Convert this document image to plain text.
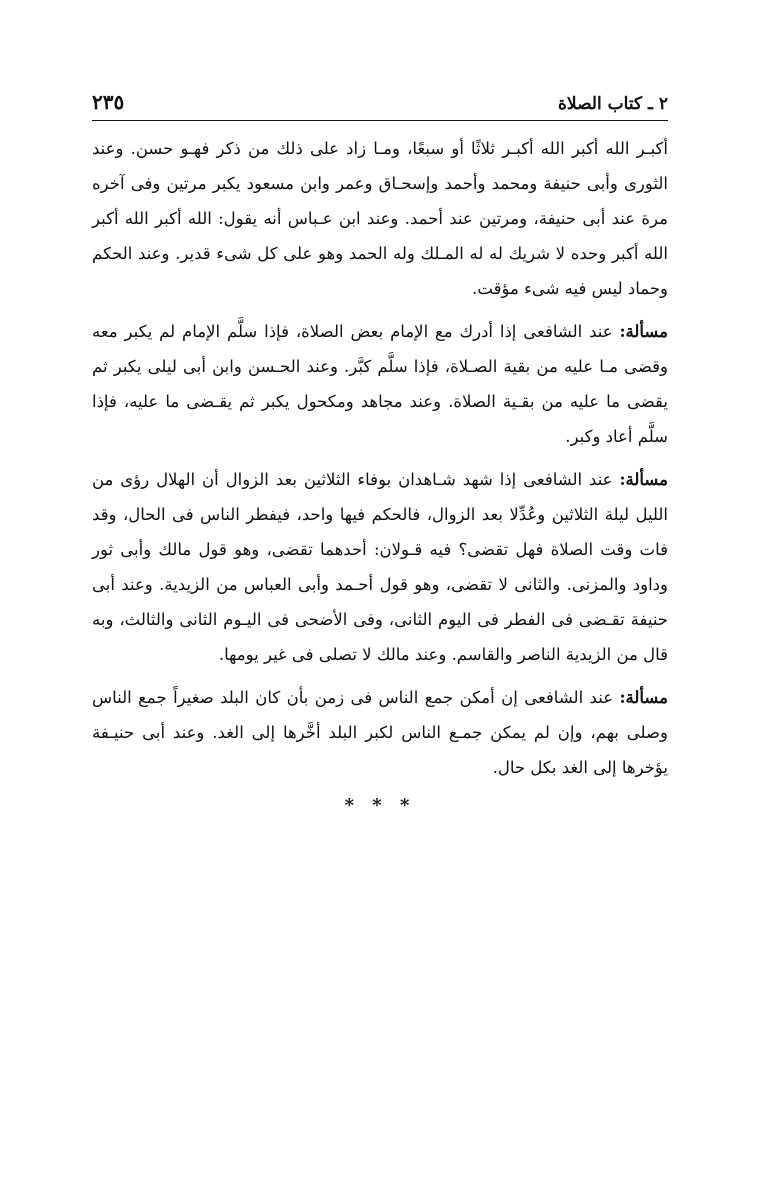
٢ ـ كتاب الصلاة
٢٣٥

أكبـر الله أكبر الله أكبـر ثلاثًا أو سبعًا، ومـا زاد على ذلك من ذكر فهـو حسن. وعند الثورى وأبى حنيفة ومحمد وأحمد وإسحـاق وعمر وابن مسعود يكبر مرتين وفى آخره مرة عند أبى حنيفة، ومرتين عند أحمد. وعند ابن عـباس أنه يقول: الله أكبر الله أكبر الله أكبر وحده لا شريك له له المـلك وله الحمد وهو على كل شىء قدير. وعند الحكم وحماد ليس فيه شىء مؤقت.

مسألة: عند الشافعى إذا أدرك مع الإمام بعض الصلاة، فإذا سلَّم الإمام لم يكبر معه وقضى مـا عليه من بقية الصـلاة، فإذا سلَّم كبَّر. وعند الحـسن وابن أبى ليلى يكبر ثم يقضى ما عليه من بقـية الصلاة. وعند مجاهد ومكحول يكبر ثم يقـضى ما عليه، فإذا سلَّم أعاد وكبر.

مسألة: عند الشافعى إذا شهد شـاهدان بوفاء الثلاثين بعد الزوال أن الهلال رؤى من الليل ليلة الثلاثين وعُدِّلا بعد الزوال، فالحكم فيها واحد، فيفطر الناس فى الحال، وقد فات وقت الصلاة فهل تقضى؟ فيه قـولان: أحدهما تقضى، وهو قول مالك وأبى ثور وداود والمزنى. والثانى لا تقضى، وهو قول أحـمد وأبى العباس من الزيدية. وعند أبى حنيفة تقـضى فى الفطر فى اليوم الثانى، وفى الأضحى فى اليـوم الثانى والثالث، وبه قال من الزيدية الناصر والقاسم. وعند مالك لا تصلى فى غير يومها.

مسألة: عند الشافعى إن أمكن جمع الناس فى زمن بأن كان البلد صغيراً جمع الناس وصلى بهم، وإن لم يمكن جمـع الناس لكبر البلد أخَّرها إلى الغد. وعند أبى حنيـفة يؤخرها إلى الغد بكل حال.

* * *
